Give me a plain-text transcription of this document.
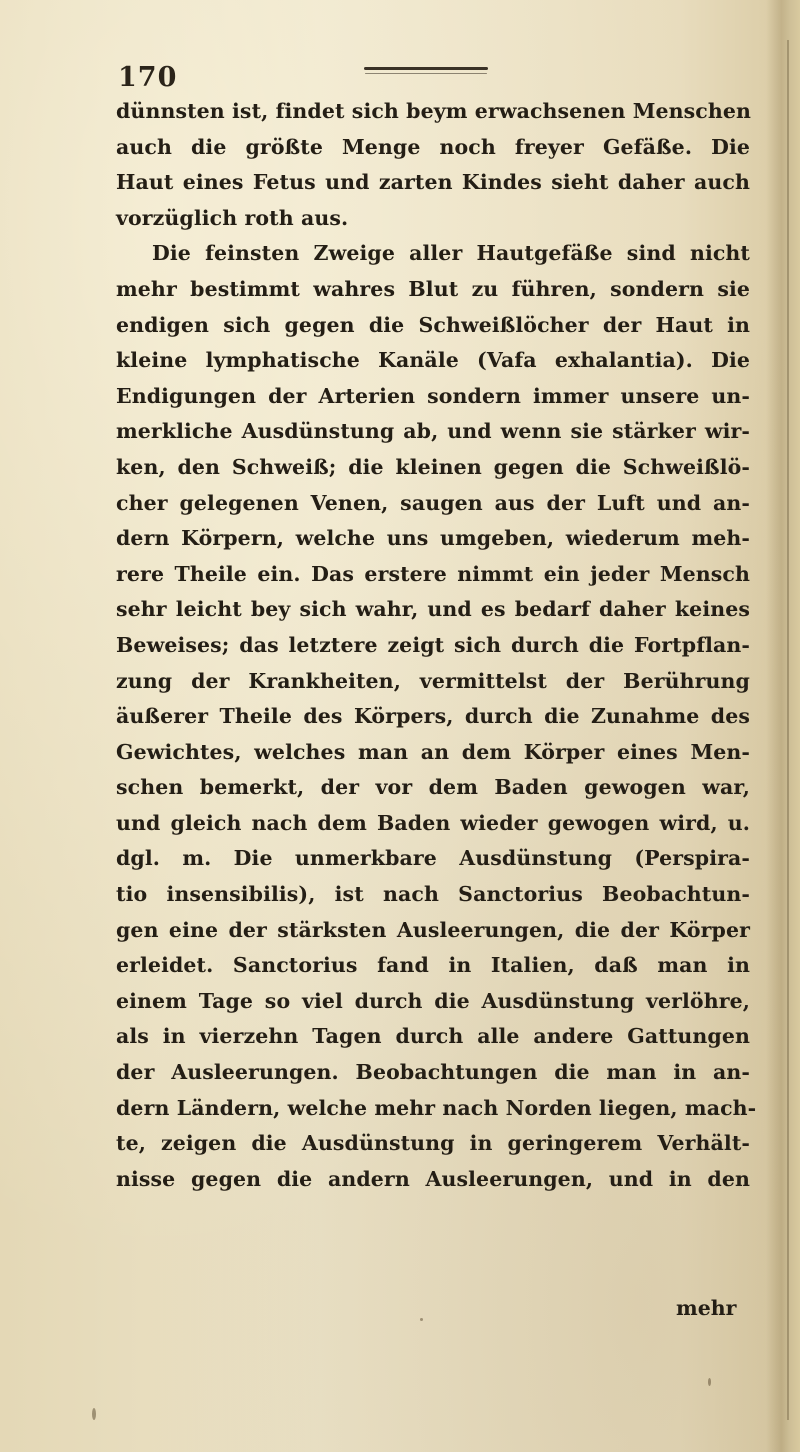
170
dünnsten ist, findet sich beym erwachsenen Menschen
auch die größte Menge noch freyer Gefäße. Die
Haut eines Fetus und zarten Kindes sieht daher auch
vorzüglich roth aus.
Die feinsten Zweige aller Hautgefäße sind nicht
mehr bestimmt wahres Blut zu führen, sondern sie
endigen sich gegen die Schweißlöcher der Haut in
kleine lymphatische Kanäle (Vafa exhalantia). Die
Endigungen der Arterien sondern immer unsere un-
merkliche Ausdünstung ab, und wenn sie stärker wir-
ken, den Schweiß; die kleinen gegen die Schweißlö-
cher gelegenen Venen, saugen aus der Luft und an-
dern Körpern, welche uns umgeben, wiederum meh-
rere Theile ein. Das erstere nimmt ein jeder Mensch
sehr leicht bey sich wahr, und es bedarf daher keines
Beweises; das letztere zeigt sich durch die Fortpflan-
zung der Krankheiten, vermittelst der Berührung
äußerer Theile des Körpers, durch die Zunahme des
Gewichtes, welches man an dem Körper eines Men-
schen bemerkt, der vor dem Baden gewogen war,
und gleich nach dem Baden wieder gewogen wird, u.
dgl. m. Die unmerkbare Ausdünstung (Perspira-
tio insensibilis), ist nach Sanctorius Beobachtun-
gen eine der stärksten Ausleerungen, die der Körper
erleidet. Sanctorius fand in Italien, daß man in
einem Tage so viel durch die Ausdünstung verlöhre,
als in vierzehn Tagen durch alle andere Gattungen
der Ausleerungen. Beobachtungen die man in an-
dern Ländern, welche mehr nach Norden liegen, mach-
te, zeigen die Ausdünstung in geringerem Verhält-
nisse gegen die andern Ausleerungen, und in den
mehr
